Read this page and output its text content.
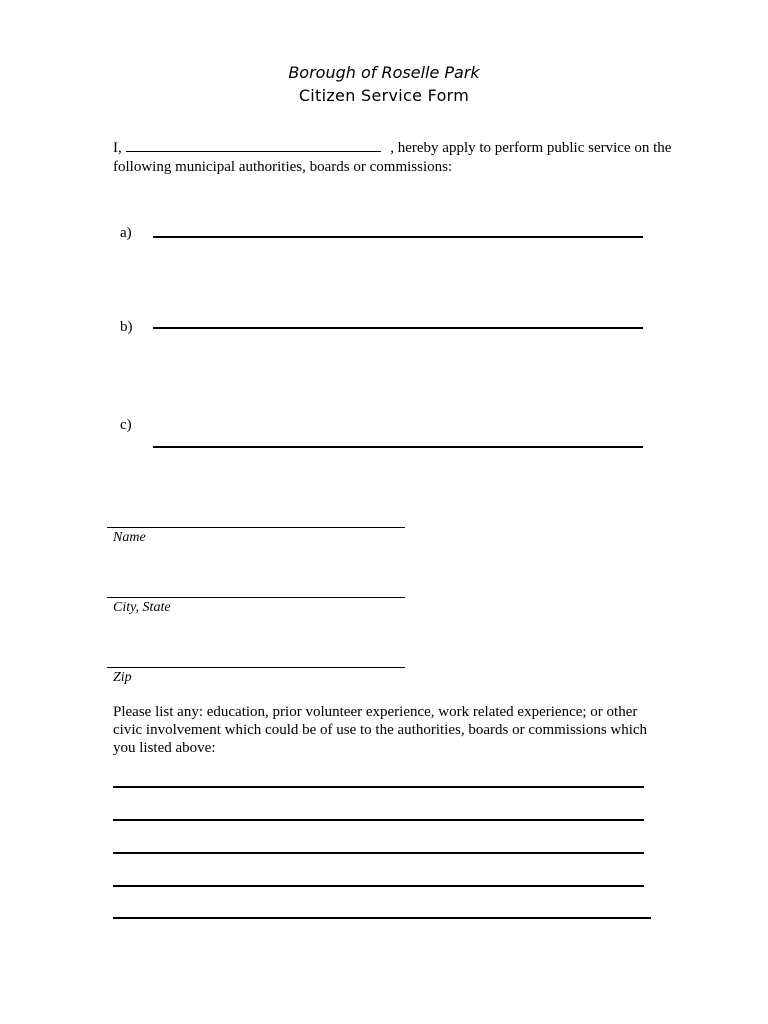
Borough of Roselle Park
Citizen Service Form
I,	, hereby apply to perform public service on the following municipal authorities, boards or commissions:
a)
b)
c)
Name
City, State
Zip
Please list any: education, prior volunteer experience, work related experience; or other civic involvement which could be of use to the authorities, boards or commissions which you listed above:
